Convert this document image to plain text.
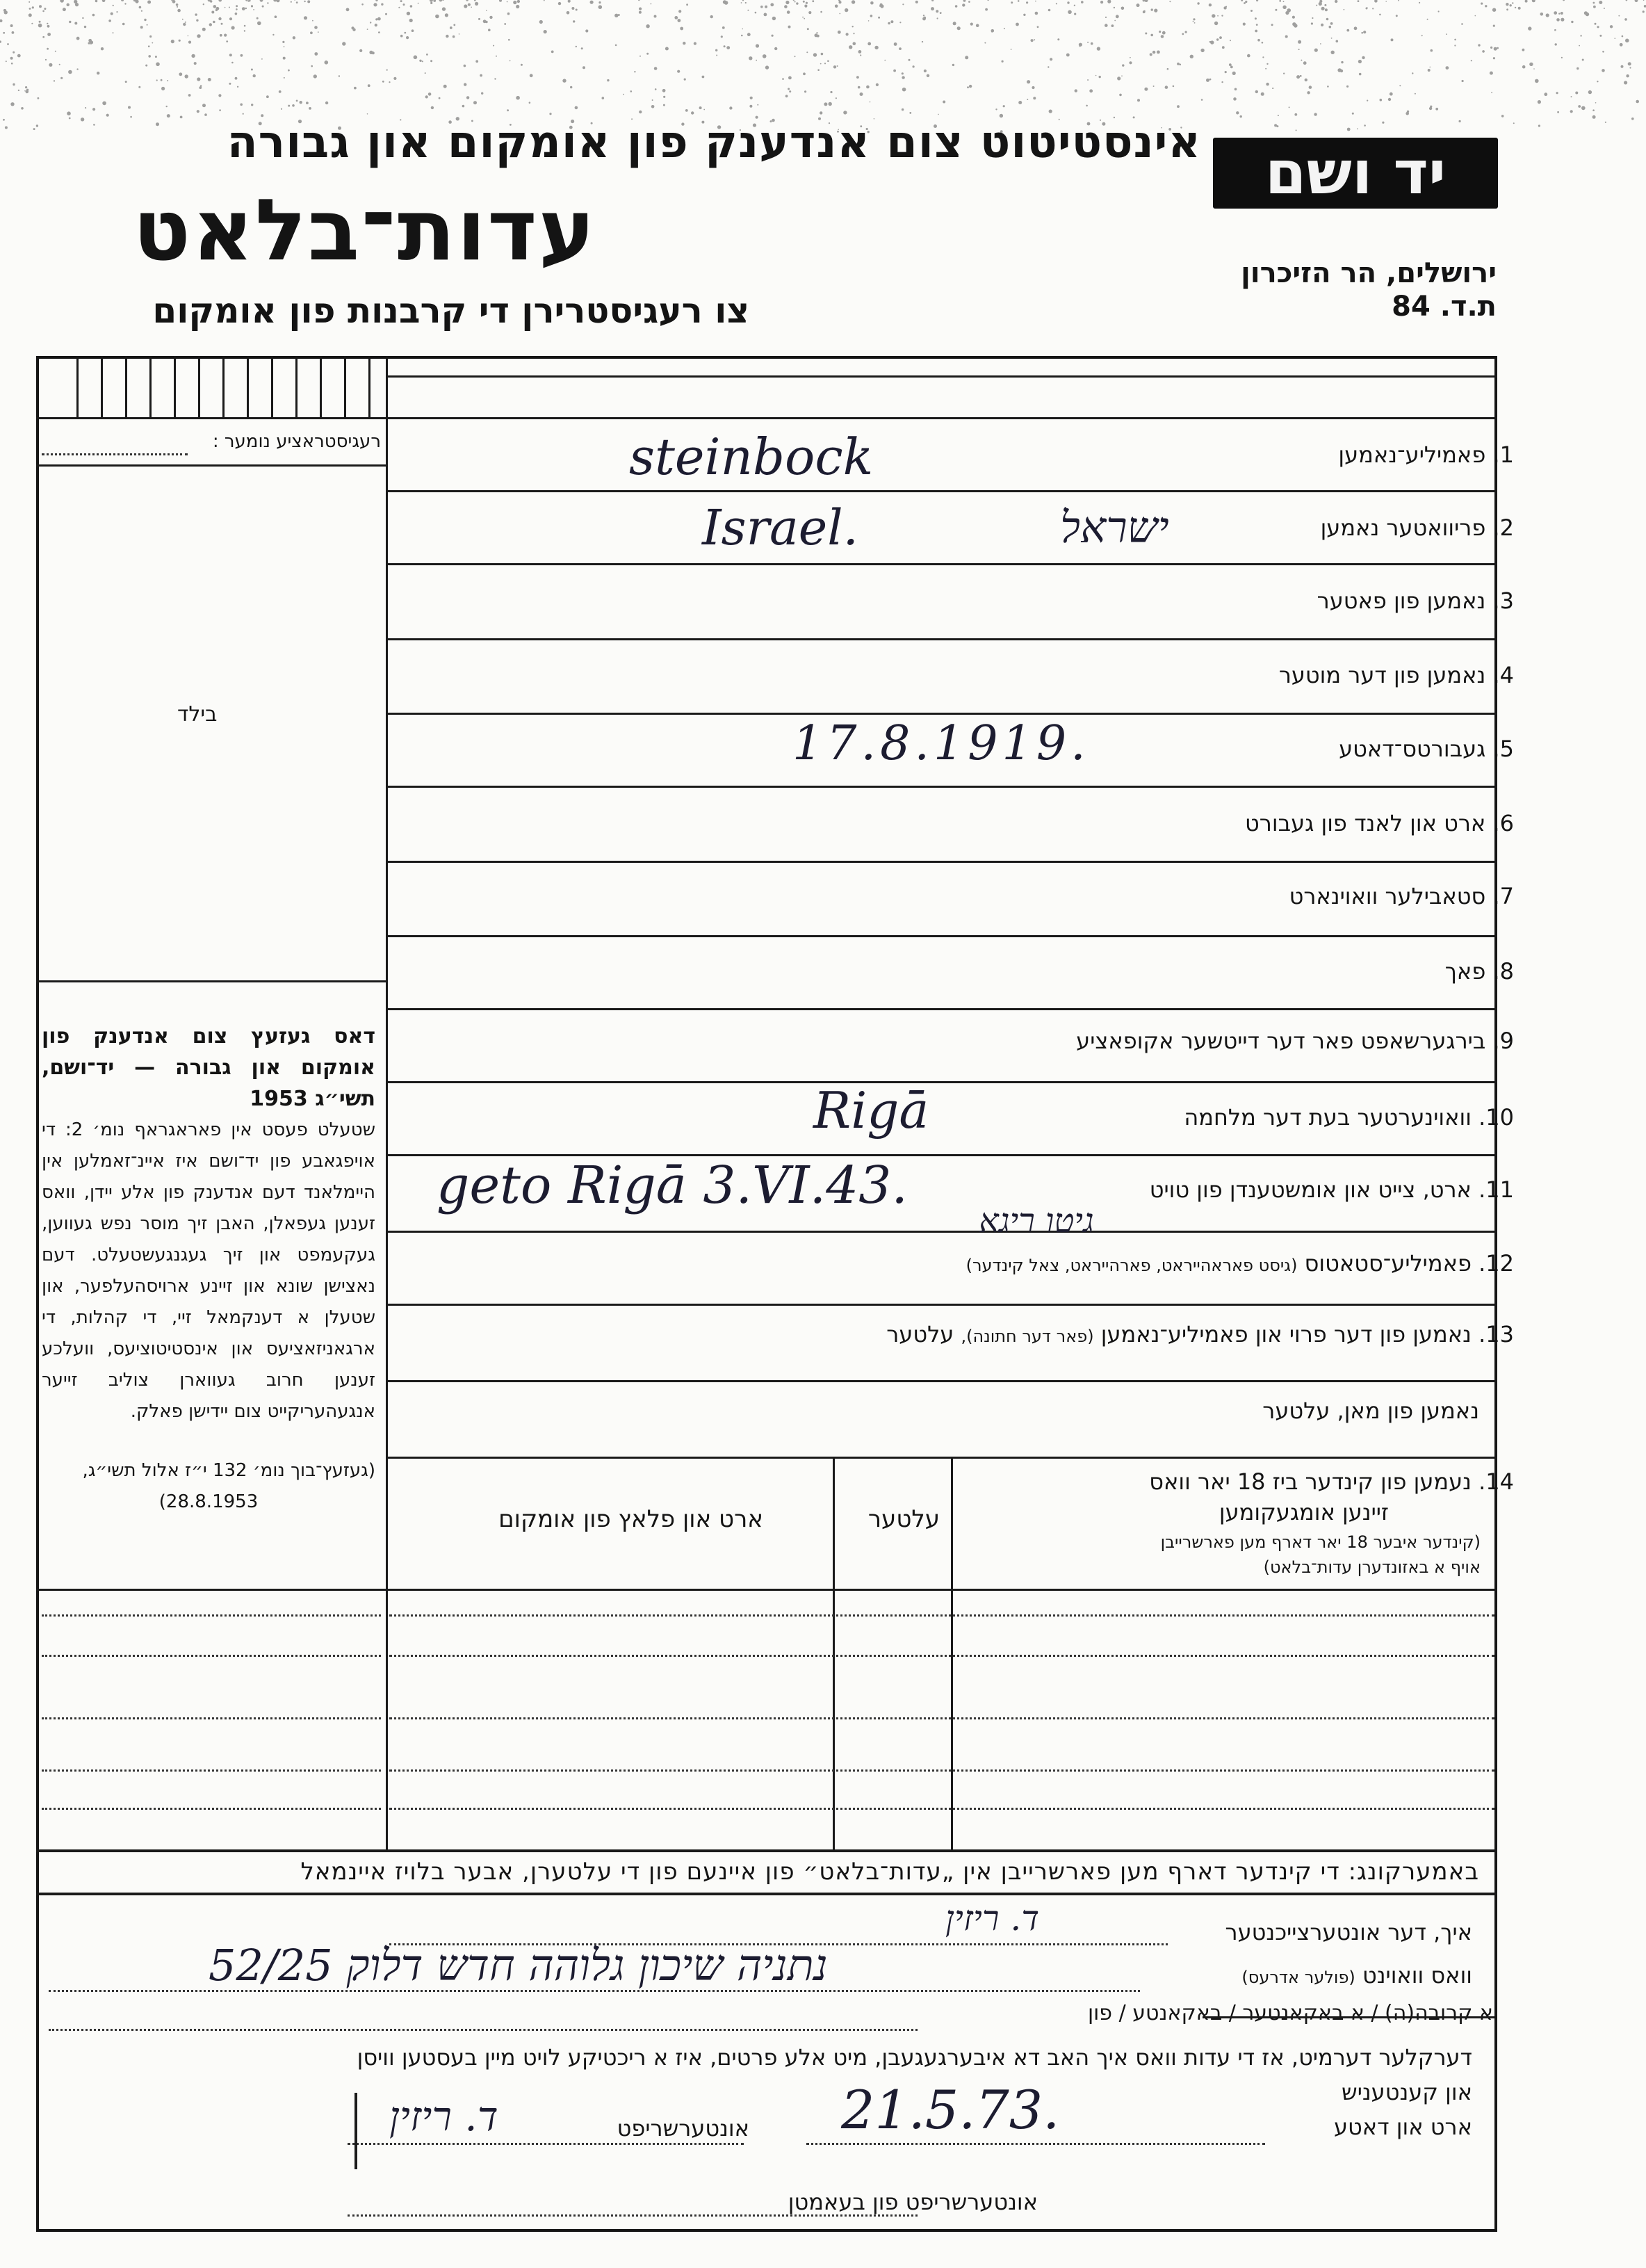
יד ושם
אינסטיטוט צום אנדענק פון אומקום און גבורה
עדות־בלאט
צו רעגיסטרירן די קרבנות פון אומקום
ירושלים, הר הזיכרון
ת.ד. 84
רעגיסטראציע נומער :
בילד
דאס געזעץ צום אנדענק פון אומקום און גבורה — יד־ושם, תשי״ג 1953
שטעלט פעסט אין פאראגראף נומ׳ 2: די אויפגאבע פון יד־ושם איז איינ־זאמלען אין היימלאנד דעם אנדענק פון אלע יידן, וואס זענען געפאלן, האבן זיך מוסר נפש געווען, געקעמפט און זיך געגנגעשטעלט. דעם נאצישן שונא און זיינע ארויסהעלפער, און שטעלן א דענקמאל זיי, די קהלות, די ארגאניזאציעס און אינסטיטוציעס, וועלכע זענען חרוב געווארן צוליב זייער אנגעהעריקייט צום יידישן פאלק.
(געזעץ־בוך נומ׳ 132 י״ז אלול תשי״ג,
(28.8.1953
1. פאמיליע־נאמען
2. פריוואטער נאמען
3. נאמען פון פאטער
4. נאמען פון דער מוטער
5. געבורטס־דאטע
6. ארט און לאנד פון געבורט
7. סטאבילער וואוינארט
8. פאך
9. בירגערשאפט פאר דער דייטשער אקופאציע
10. וואוינערטער בעת דער מלחמה
11. ארט, צייט און אומשטענדן פון טויט
12. פאמיליע־סטאטוס (גיסט פאראהייראט, פארהייראט, צאל קינדער)
13. נאמען פון דער פרוי און פאמיליע־נאמען (פאר דער חתונה), עלטער
נאמען פון מאן, עלטער
steinbock
Israel.	ישראל
17.8.1919.
Rigā
geto Rigā 3.VI.43.
גיטו ריגא
14. נעמען פון קינדער ביז 18 יאר וואס
זיינען אומגעקומען
(קינדער איבער 18 יאר דארף מען פארשרייבן
אויף א באזונדערן עדות־בלאט)
עלטער
ארט און פלאץ פון אומקום
באמערקונג: די קינדער דארף מען פארשרייבן אין „עדות־בלאט״ פון איינעם פון די עלטערן, אבער בלויז איינמאל
איך, דער אונטערצייכנטער
ד. ריזין
וואס וואוינט (פולער אדרעס)
נתניה שיכון גלוהה חדש דלוק 52/25
א קרובה(ה) / א באקאנטער / באקאנטע / פון
דערקלער דערמיט, אז די עדות וואס איך האב דא איבערגעגעבן, מיט אלע פרטים, איז א ריכטיקע לויט מיין בעסטען וויסן
און קענטעניש
ארט און דאטע
21.5.73.
אונטערשריפט
ד. ריזין
אונטערשריפט פון בעאמטן
